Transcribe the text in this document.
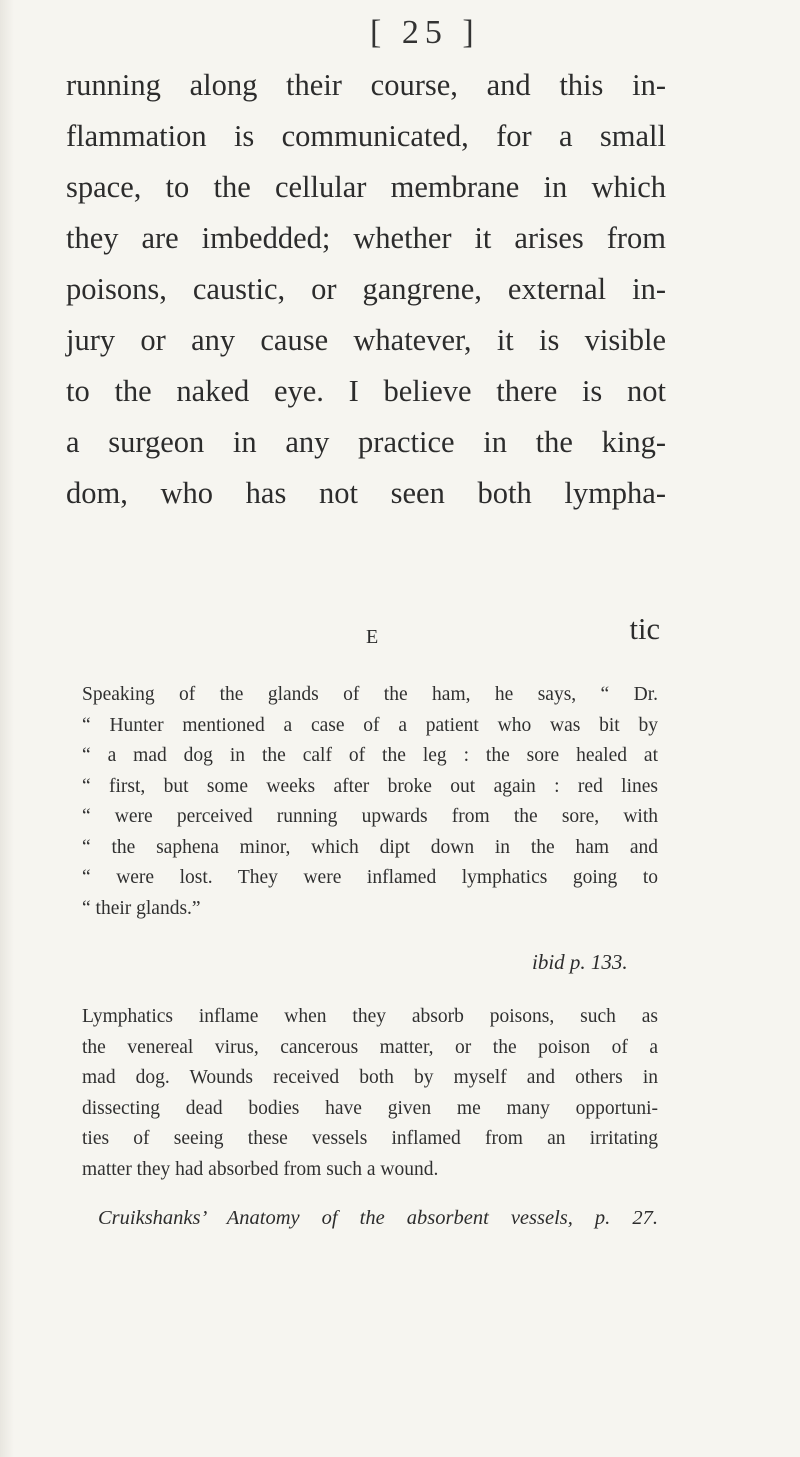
[ 25 ]
running along their course, and this in-
flammation is communicated, for a small
space, to the cellular membrane in which
they are imbedded; whether it arises from
poisons, caustic, or gangrene, external in-
jury or any cause whatever, it is visible
to the naked eye. I believe there is not
a surgeon in any practice in the king-
dom, who has not seen both lympha-
E	tic
Speaking of the glands of the ham, he says, “ Dr.
“ Hunter mentioned a case of a patient who was bit by
“ a mad dog in the calf of the leg : the sore healed at
“ first, but some weeks after broke out again : red lines
“ were perceived running upwards from the sore, with
“ the saphena minor, which dipt down in the ham and
“ were lost. They were inflamed lymphatics going to
“ their glands.”
ibid p. 133.
Lymphatics inflame when they absorb poisons, such as
the venereal virus, cancerous matter, or the poison of a
mad dog. Wounds received both by myself and others in
dissecting dead bodies have given me many opportuni-
ties of seeing these vessels inflamed from an irritating
matter they had absorbed from such a wound.
Cruikshanks’ Anatomy of the absorbent vessels, p. 27.
